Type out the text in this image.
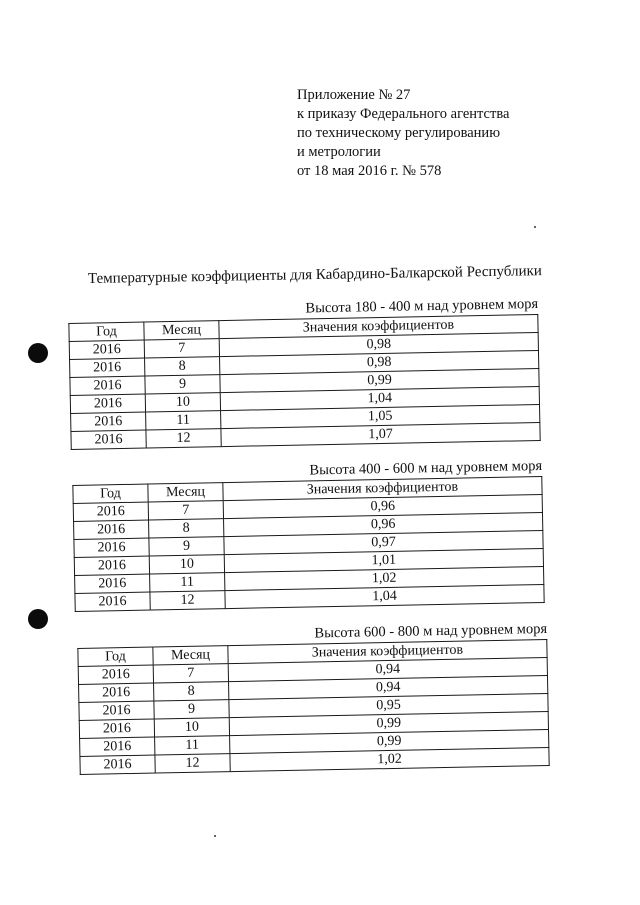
Приложение № 27
к приказу Федерального агентства
по техническому регулированию
и метрологии
от 18 мая 2016 г. № 578
Температурные коэффициенты для Кабардино-Балкарской Республики
Высота 180 - 400 м над уровнем моря
Год	Месяц	Значения коэффициентов
2016	7	0,98
2016	8	0,98
2016	9	0,99
2016	10	1,04
2016	11	1,05
2016	12	1,07
Высота 400 - 600 м над уровнем моря
Год	Месяц	Значения коэффициентов
2016	7	0,96
2016	8	0,96
2016	9	0,97
2016	10	1,01
2016	11	1,02
2016	12	1,04
Высота 600 - 800 м над уровнем моря
Год	Месяц	Значения коэффициентов
2016	7	0,94
2016	8	0,94
2016	9	0,95
2016	10	0,99
2016	11	0,99
2016	12	1,02
